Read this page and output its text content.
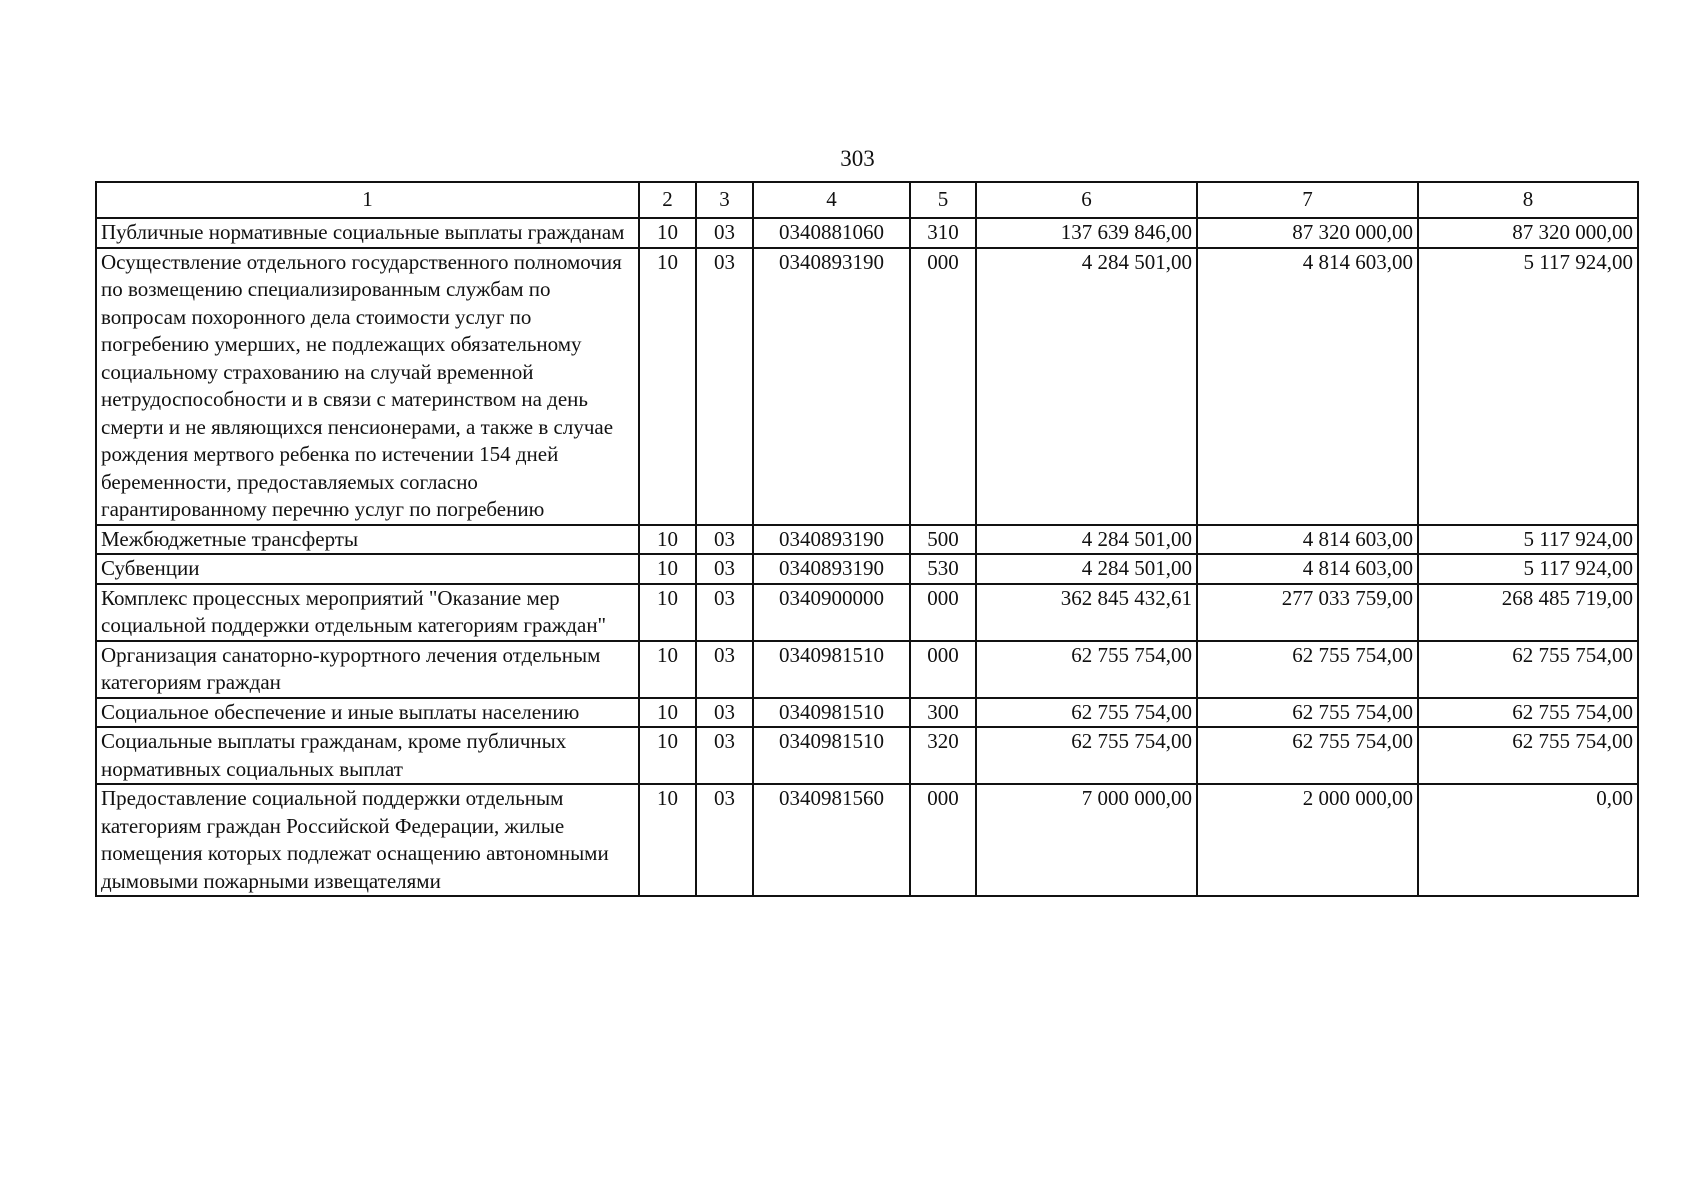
303
1	2	3	4	5	6	7	8
Публичные нормативные социальные выплаты гражданам	10	03	0340881060	310	137 639 846,00	87 320 000,00	87 320 000,00
Осуществление отдельного государственного полномочия по возмещению специализированным службам по вопросам похоронного дела стоимости услуг по погребению умерших, не подлежащих обязательному социальному страхованию на случай временной нетрудоспособности и в связи с материнством на день смерти и не являющихся пенсионерами, а также в случае рождения мертвого ребенка по истечении 154 дней беременности, предоставляемых согласно гарантированному перечню услуг по погребению	10	03	0340893190	000	4 284 501,00	4 814 603,00	5 117 924,00
Межбюджетные трансферты	10	03	0340893190	500	4 284 501,00	4 814 603,00	5 117 924,00
Субвенции	10	03	0340893190	530	4 284 501,00	4 814 603,00	5 117 924,00
Комплекс процессных мероприятий "Оказание мер социальной поддержки отдельным категориям граждан"	10	03	0340900000	000	362 845 432,61	277 033 759,00	268 485 719,00
Организация санаторно-курортного лечения отдельным категориям граждан	10	03	0340981510	000	62 755 754,00	62 755 754,00	62 755 754,00
Социальное обеспечение и иные выплаты населению	10	03	0340981510	300	62 755 754,00	62 755 754,00	62 755 754,00
Социальные выплаты гражданам, кроме публичных нормативных социальных выплат	10	03	0340981510	320	62 755 754,00	62 755 754,00	62 755 754,00
Предоставление социальной поддержки отдельным категориям граждан Российской Федерации, жилые помещения которых подлежат оснащению автономными дымовыми пожарными извещателями	10	03	0340981560	000	7 000 000,00	2 000 000,00	0,00
